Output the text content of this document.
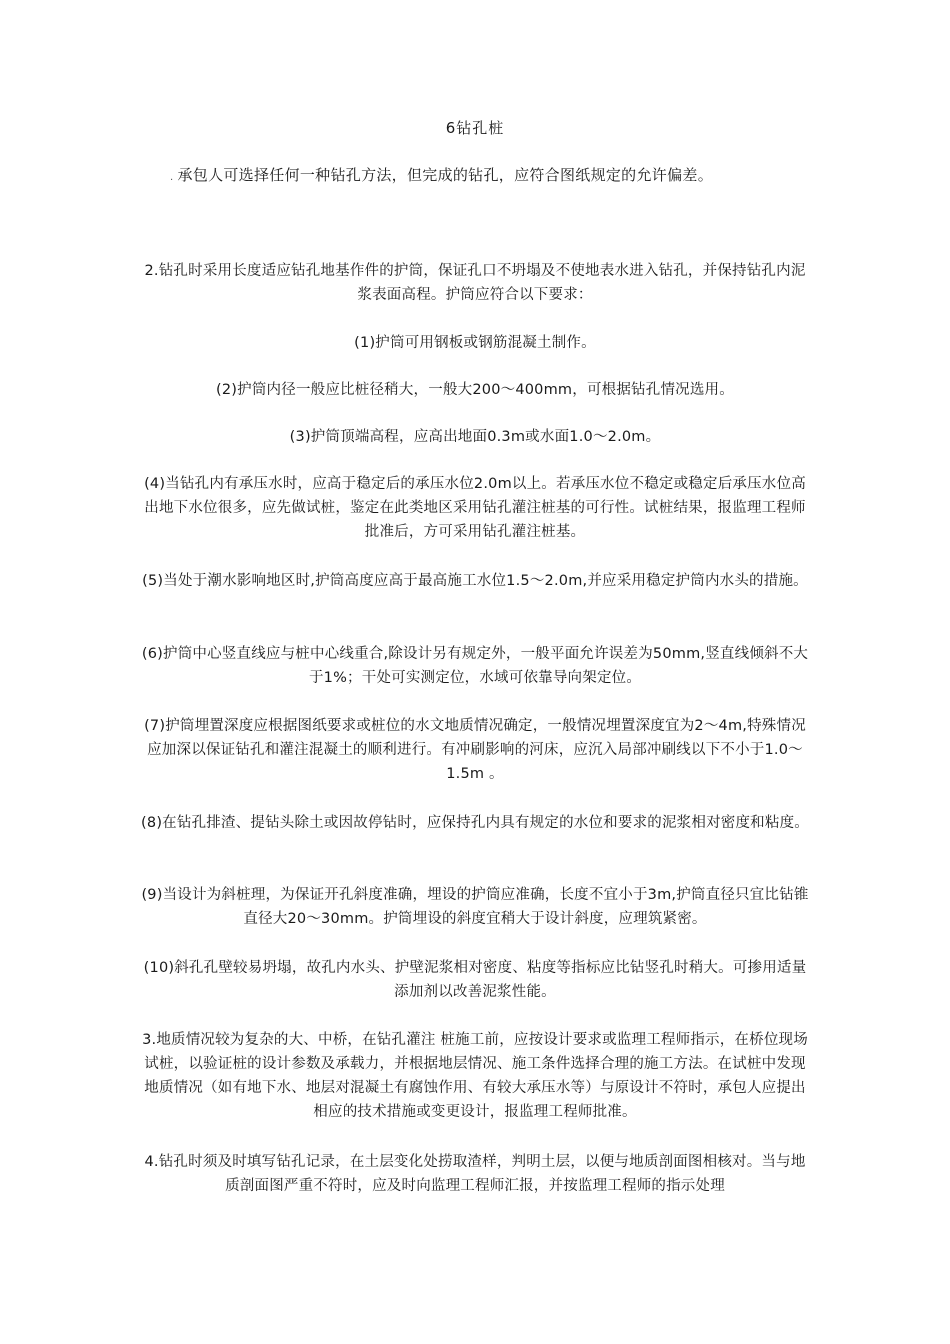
6钻孔桩
. 承包人可选择任何一种钻孔方法，但完成的钻孔，应符合图纸规定的允许偏差。
2.钻孔时采用长度适应钻孔地基作件的护筒，保证孔口不坍塌及不使地表水进入钻孔，并保持钻孔内泥浆表面高程。护筒应符合以下要求：
(1)护筒可用钢板或钢筋混凝土制作。
(2)护筒内径一般应比桩径稍大，一般大200～400mm，可根据钻孔情况选用。
(3)护筒顶端高程，应高出地面0.3m或水面1.0～2.0m。
(4)当钻孔内有承压水时，应高于稳定后的承压水位2.0m以上。若承压水位不稳定或稳定后承压水位高出地下水位很多，应先做试桩，鉴定在此类地区采用钻孔灌注桩基的可行性。试桩结果，报监理工程师批准后，方可采用钻孔灌注桩基。
(5)当处于潮水影响地区时,护筒高度应高于最高施工水位1.5～2.0m,并应采用稳定护筒内水头的措施。
(6)护筒中心竖直线应与桩中心线重合,除设计另有规定外，一般平面允许误差为50mm,竖直线倾斜不大于1%；干处可实测定位，水域可依靠导向架定位。
(7)护筒埋置深度应根据图纸要求或桩位的水文地质情况确定，一般情况埋置深度宜为2～4m,特殊情况应加深以保证钻孔和灌注混凝土的顺利进行。有冲刷影响的河床，应沉入局部冲刷线以下不小于1.0～1.5m 。
(8)在钻孔排渣、提钻头除土或因故停钻时，应保持孔内具有规定的水位和要求的泥浆相对密度和粘度。
(9)当设计为斜桩理，为保证开孔斜度准确，埋设的护筒应准确，长度不宜小于3m,护筒直径只宜比钻锥直径大20～30mm。护筒埋设的斜度宜稍大于设计斜度，应理筑紧密。
(10)斜孔孔壁较易坍塌，故孔内水头、护壁泥浆相对密度、粘度等指标应比钻竖孔时稍大。可掺用适量添加剂以改善泥浆性能。
3.地质情况较为复杂的大、中桥，在钻孔灌注 桩施工前，应按设计要求或监理工程师指示，在桥位现场试桩，以验证桩的设计参数及承载力，并根据地层情况、施工条件选择合理的施工方法。在试桩中发现地质情况（如有地下水、地层对混凝土有腐蚀作用、有较大承压水等）与原设计不符时，承包人应提出相应的技术措施或变更设计，报监理工程师批准。
4.钻孔时须及时填写钻孔记录，在土层变化处捞取渣样，判明土层，以便与地质剖面图相核对。当与地质剖面图严重不符时，应及时向监理工程师汇报，并按监理工程师的指示处理
